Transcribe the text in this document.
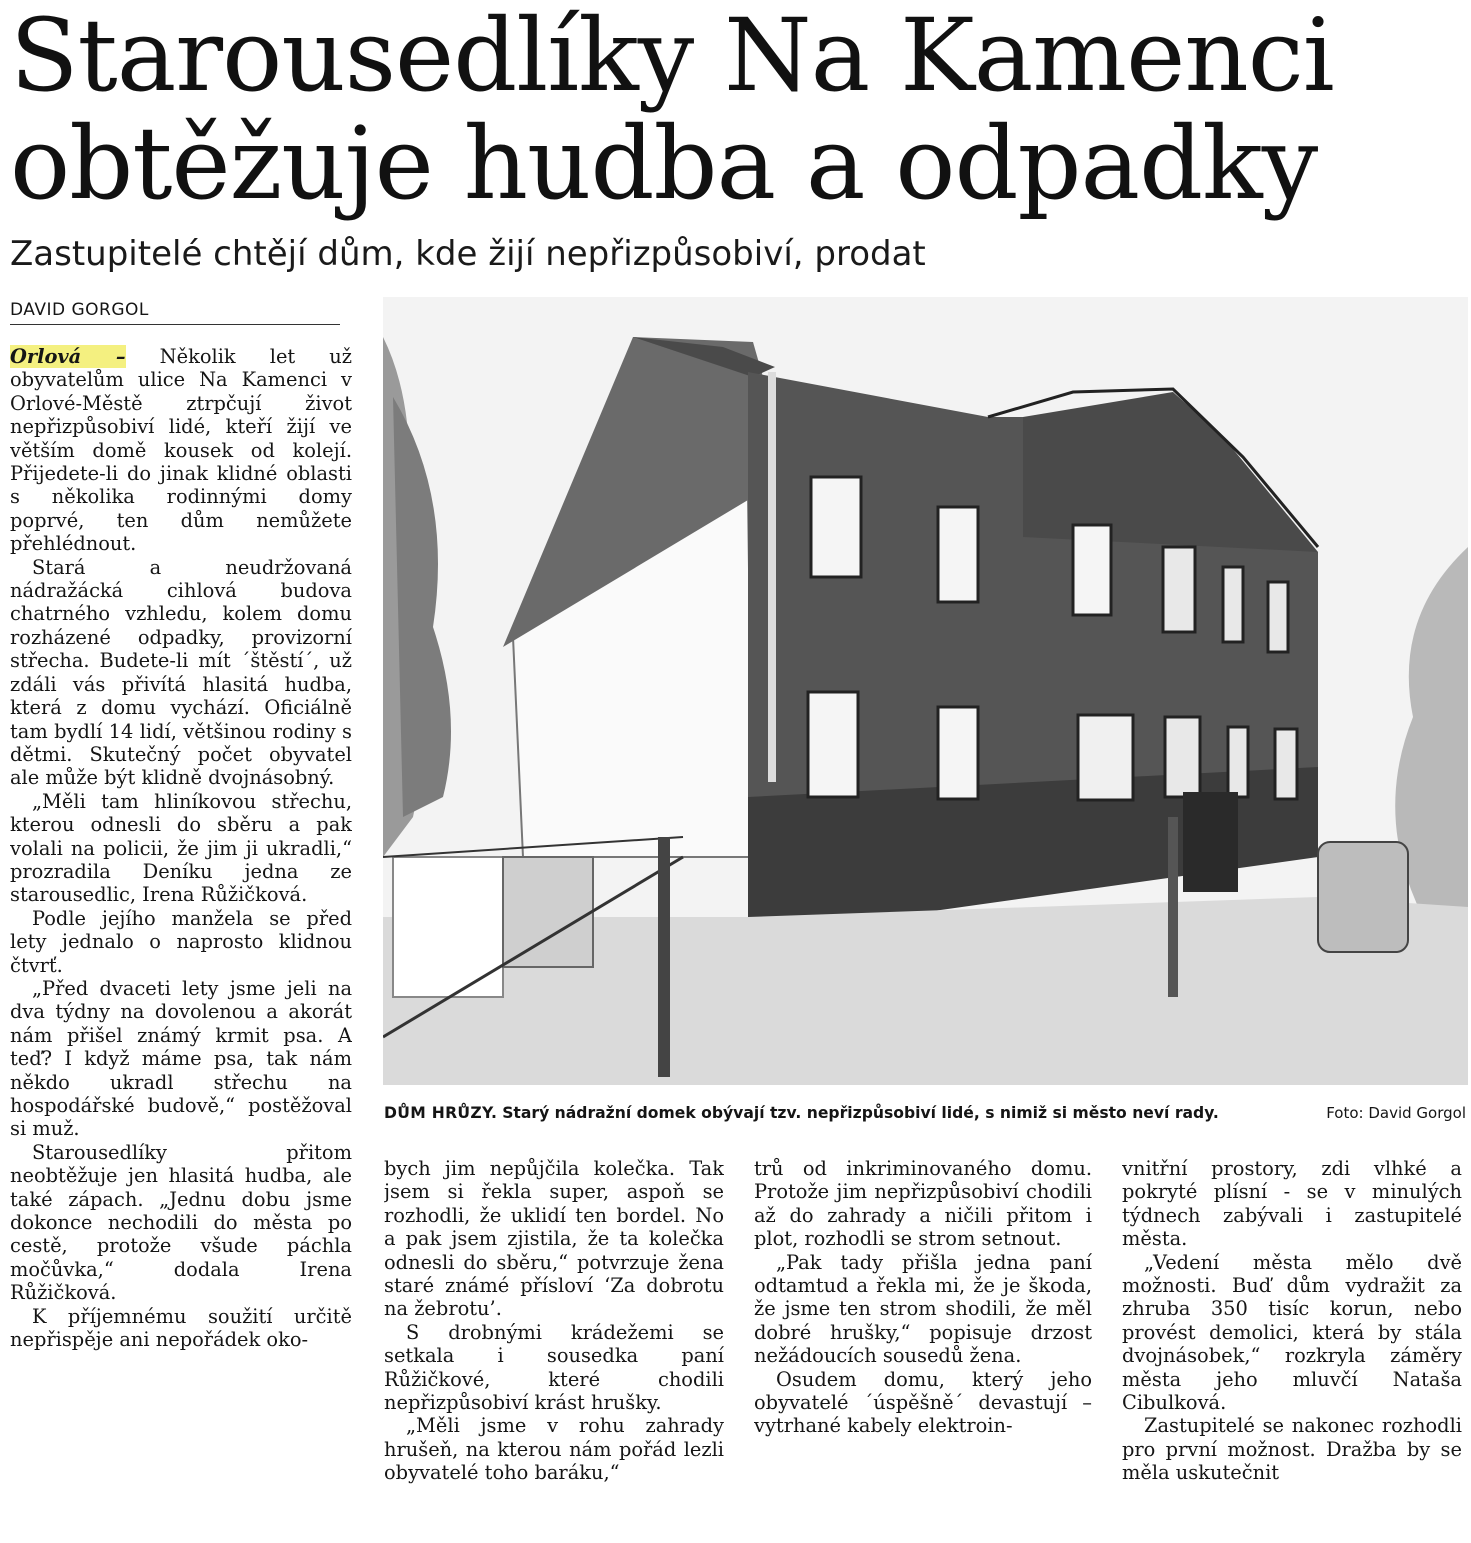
Starousedlíky Na Kamenci
obtěžuje hudba a odpadky
Zastupitelé chtějí dům, kde žijí nepřizpůsobiví, prodat
DAVID GORGOL

Orlová – Několik let už obyvatelům ulice Na Kamenci v Orlové-Městě ztrpčují život nepřizpůsobiví lidé, kteří žijí ve větším domě kousek od kolejí. Přijedete-li do jinak klidné oblasti s několika rodinnými domy poprvé, ten dům nemůžete přehlédnout.

Stará a neudržovaná nádražácká cihlová budova chatrného vzhledu, kolem domu rozházené odpadky, provizorní střecha. Budete-li mít ´štěstí´, už zdáli vás přivítá hlasitá hudba, která z domu vychází. Oficiálně tam bydlí 14 lidí, většinou rodiny s dětmi. Skutečný počet obyvatel ale může být klidně dvojnásobný.

„Měli tam hliníkovou střechu, kterou odnesli do sběru a pak volali na policii, že jim ji ukradli,“ prozradila Deníku jedna ze starousedlic, Irena Růžičková.

Podle jejího manžela se před lety jednalo o naprosto klidnou čtvrť.

„Před dvaceti lety jsme jeli na dva týdny na dovolenou a akorát nám přišel známý krmit psa. A teď? I když máme psa, tak nám někdo ukradl střechu na hospodářské budově,“ postěžoval si muž.

Starousedlíky přitom neobtěžuje jen hlasitá hudba, ale také zápach. „Jednu dobu jsme dokonce nechodili do města po cestě, protože všude páchla močůvka,“ dodala Irena Růžičková.

K příjemnému soužití určitě nepřispěje ani nepořádek oko-

DŮM HRŮZY. Starý nádražní domek obývají tzv. nepřizpůsobiví lidé, s nimiž si město neví rady.	Foto: David Gorgol

bych jim nepůjčila kolečka. Tak jsem si řekla super, aspoň se rozhodli, že uklidí ten bordel. No a pak jsem zjistila, že ta kolečka odnesli do sběru,“ potvrzuje žena staré známé přísloví ‘Za dobrotu na žebrotu’.

S drobnými krádežemi se setkala i sousedka paní Růžičkové, které chodili nepřizpůsobiví krást hrušky.

„Měli jsme v rohu zahrady hrušeň, na kterou nám pořád lezli obyvatelé toho baráku,“

trů od inkriminovaného domu. Protože jim nepřizpůsobiví chodili až do zahrady a ničili přitom i plot, rozhodli se strom setnout.

„Pak tady přišla jedna paní odtamtud a řekla mi, že je škoda, že jsme ten strom shodili, že měl dobré hrušky,“ popisuje drzost nežádoucích sousedů žena.

Osudem domu, který jeho obyvatelé ´úspěšně´ devastují – vytrhané kabely elektroin-

vnitřní prostory, zdi vlhké a pokryté plísní - se v minulých týdnech zabývali i zastupitelé města.

„Vedení města mělo dvě možnosti. Buď dům vydražit za zhruba 350 tisíc korun, nebo provést demolici, která by stála dvojnásobek,“ rozkryla záměry města jeho mluvčí Nataša Cibulková.

Zastupitelé se nakonec rozhodli pro první možnost. Dražba by se měla uskutečnit
